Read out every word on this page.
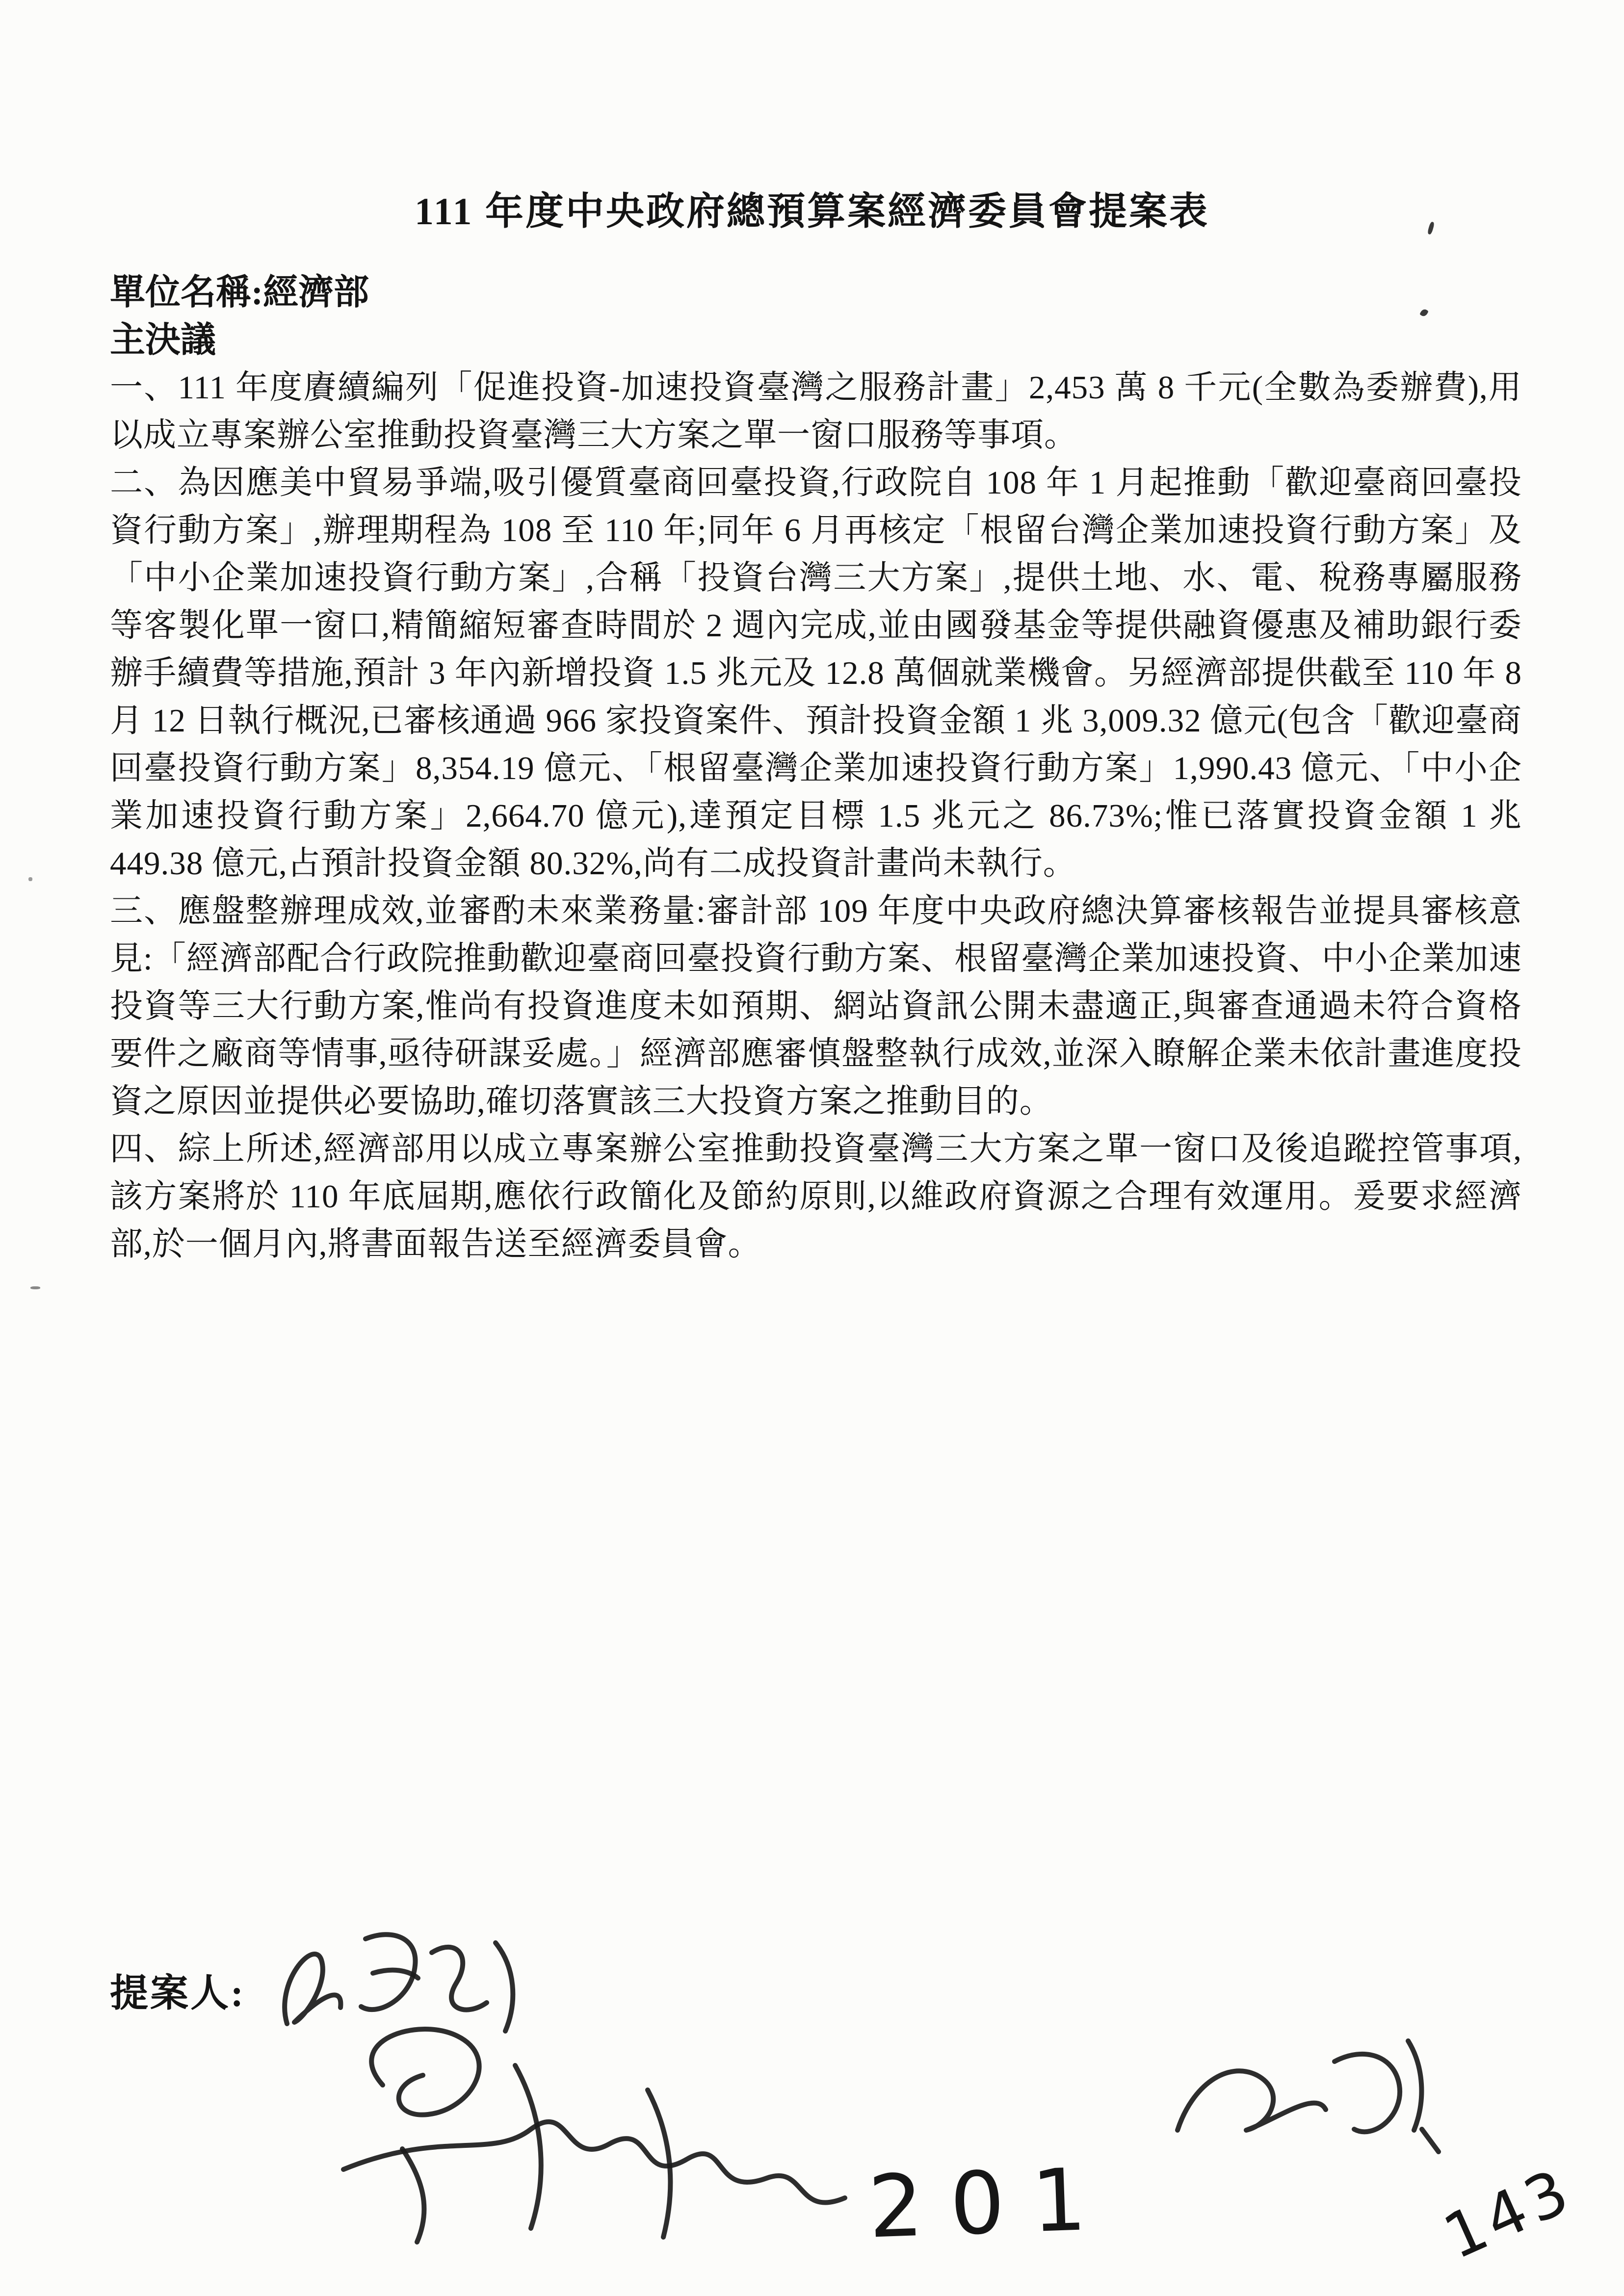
111 年度中央政府總預算案經濟委員會提案表
單位名稱:經濟部
主決議

一、111 年度賡續編列「促進投資-加速投資臺灣之服務計畫」2,453 萬 8 千元(全數為委辦費),用以成立專案辦公室推動投資臺灣三大方案之單一窗口服務等事項。

二、為因應美中貿易爭端,吸引優質臺商回臺投資,行政院自 108 年 1 月起推動「歡迎臺商回臺投資行動方案」,辦理期程為 108 至 110 年;同年 6 月再核定「根留台灣企業加速投資行動方案」及「中小企業加速投資行動方案」,合稱「投資台灣三大方案」,提供土地、水、電、稅務專屬服務等客製化單一窗口,精簡縮短審查時間於 2 週內完成,並由國發基金等提供融資優惠及補助銀行委辦手續費等措施,預計 3 年內新增投資 1.5 兆元及 12.8 萬個就業機會。另經濟部提供截至 110 年 8 月 12 日執行概況,已審核通過 966 家投資案件、預計投資金額 1 兆 3,009.32 億元(包含「歡迎臺商回臺投資行動方案」8,354.19 億元、「根留臺灣企業加速投資行動方案」1,990.43 億元、「中小企業加速投資行動方案」2,664.70 億元),達預定目標 1.5 兆元之 86.73%;惟已落實投資金額 1 兆 449.38 億元,占預計投資金額 80.32%,尚有二成投資計畫尚未執行。

三、應盤整辦理成效,並審酌未來業務量:審計部 109 年度中央政府總決算審核報告並提具審核意見:「經濟部配合行政院推動歡迎臺商回臺投資行動方案、根留臺灣企業加速投資、中小企業加速投資等三大行動方案,惟尚有投資進度未如預期、網站資訊公開未盡適正,與審查通過未符合資格要件之廠商等情事,亟待研謀妥處。」經濟部應審慎盤整執行成效,並深入瞭解企業未依計畫進度投資之原因並提供必要協助,確切落實該三大投資方案之推動目的。

四、綜上所述,經濟部用以成立專案辦公室推動投資臺灣三大方案之單一窗口及後追蹤控管事項,該方案將於 110 年底屆期,應依行政簡化及節約原則,以維政府資源之合理有效運用。爰要求經濟部,於一個月內,將書面報告送至經濟委員會。

提案人:
201	143
